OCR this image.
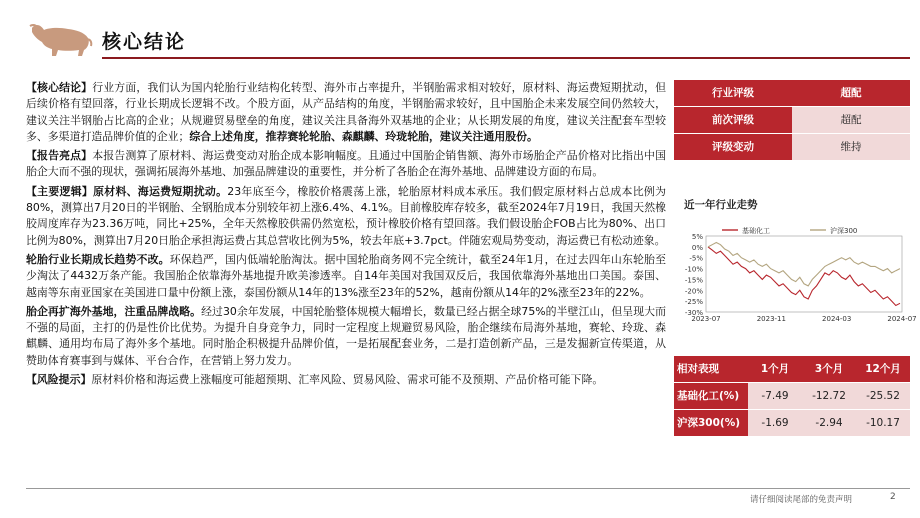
核心结论
【核心结论】行业方面，我们认为国内轮胎行业结构化转型、海外市占率提升，半钢胎需求相对较好，原材料、海运费短期扰动，但后续价格有望回落，行业长期成长逻辑不改。个股方面，从产品结构的角度，半钢胎需求较好，且中国胎企未来发展空间仍然较大，建议关注半钢胎占比高的企业；从规避贸易壁垒的角度，建议关注具备海外双基地的企业；从长期发展的角度，建议关注配套车型较多、多渠道打造品牌价值的企业；综合上述角度，推荐赛轮轮胎、森麒麟、玲珑轮胎，建议关注通用股份。
【报告亮点】本报告测算了原材料、海运费变动对胎企成本影响幅度。且通过中国胎企销售额、海外市场胎企产品价格对比指出中国胎企大而不强的现状，强调拓展海外基地、加强品牌建设的重要性，并分析了各胎企在海外基地、品牌建设方面的布局。
【主要逻辑】原材料、海运费短期扰动。23年底至今，橡胶价格震荡上涨，轮胎原材料成本承压。我们假定原材料占总成本比例为80%，测算出7月20日的半钢胎、全钢胎成本分别较年初上涨6.4%、4.1%。目前橡胶库存较多，截至2024年7月19日，我国天然橡胶周度库存为23.36万吨，同比+25%，全年天然橡胶供需仍然宽松，预计橡胶价格有望回落。我们假设胎企FOB占比为80%、出口比例为80%，测算出7月20日胎企承担海运费占其总营收比例为5%，较去年底+3.7pct。伴随宏观局势变动，海运费已有松动迹象。
轮胎行业长期成长趋势不改。环保趋严，国内低端轮胎淘汰。据中国轮胎商务网不完全统计，截至24年1月，在过去四年山东轮胎至少淘汰了4432万条产能。我国胎企依靠海外基地提升欧美渗透率。自14年美国对我国双反后，我国依靠海外基地出口美国。泰国、越南等东南亚国家在美国进口量中份额上涨，泰国份额从14年的13%涨至23年的52%，越南份额从14年的2%涨至23年的22%。
胎企再扩海外基地，注重品牌战略。经过30余年发展，中国轮胎整体规模大幅增长，数量已经占据全球75%的半壁江山，但呈现大而不强的局面，主打的仍是性价比优势。为提升自身竞争力，同时一定程度上规避贸易风险，胎企继续布局海外基地，赛轮、玲珑、森麒麟、通用均布局了海外多个基地。同时胎企积极提升品牌价值，一是拓展配套业务，二是打造创新产品，三是发掘新宣传渠道，从赞助体育赛事到与媒体、平台合作，在营销上努力发力。
【风险提示】原材料价格和海运费上涨幅度可能超预期、汇率风险、贸易风险、需求可能不及预期、产品价格可能下降。
行业评级	超配
前次评级	超配
评级变动	维持
近一年行业走势
5%
0%
-5%
-10%
-15%
-20%
-25%
-30%
2023-07	2023-11	2024-03	2024-07
基础化工	沪深300
相对表现	1个月	3个月	12个月
基础化工(%)	-7.49	-12.72	-25.52
沪深300(%)	-1.69	-2.94	-10.17
请仔细阅读尾部的免责声明	2
